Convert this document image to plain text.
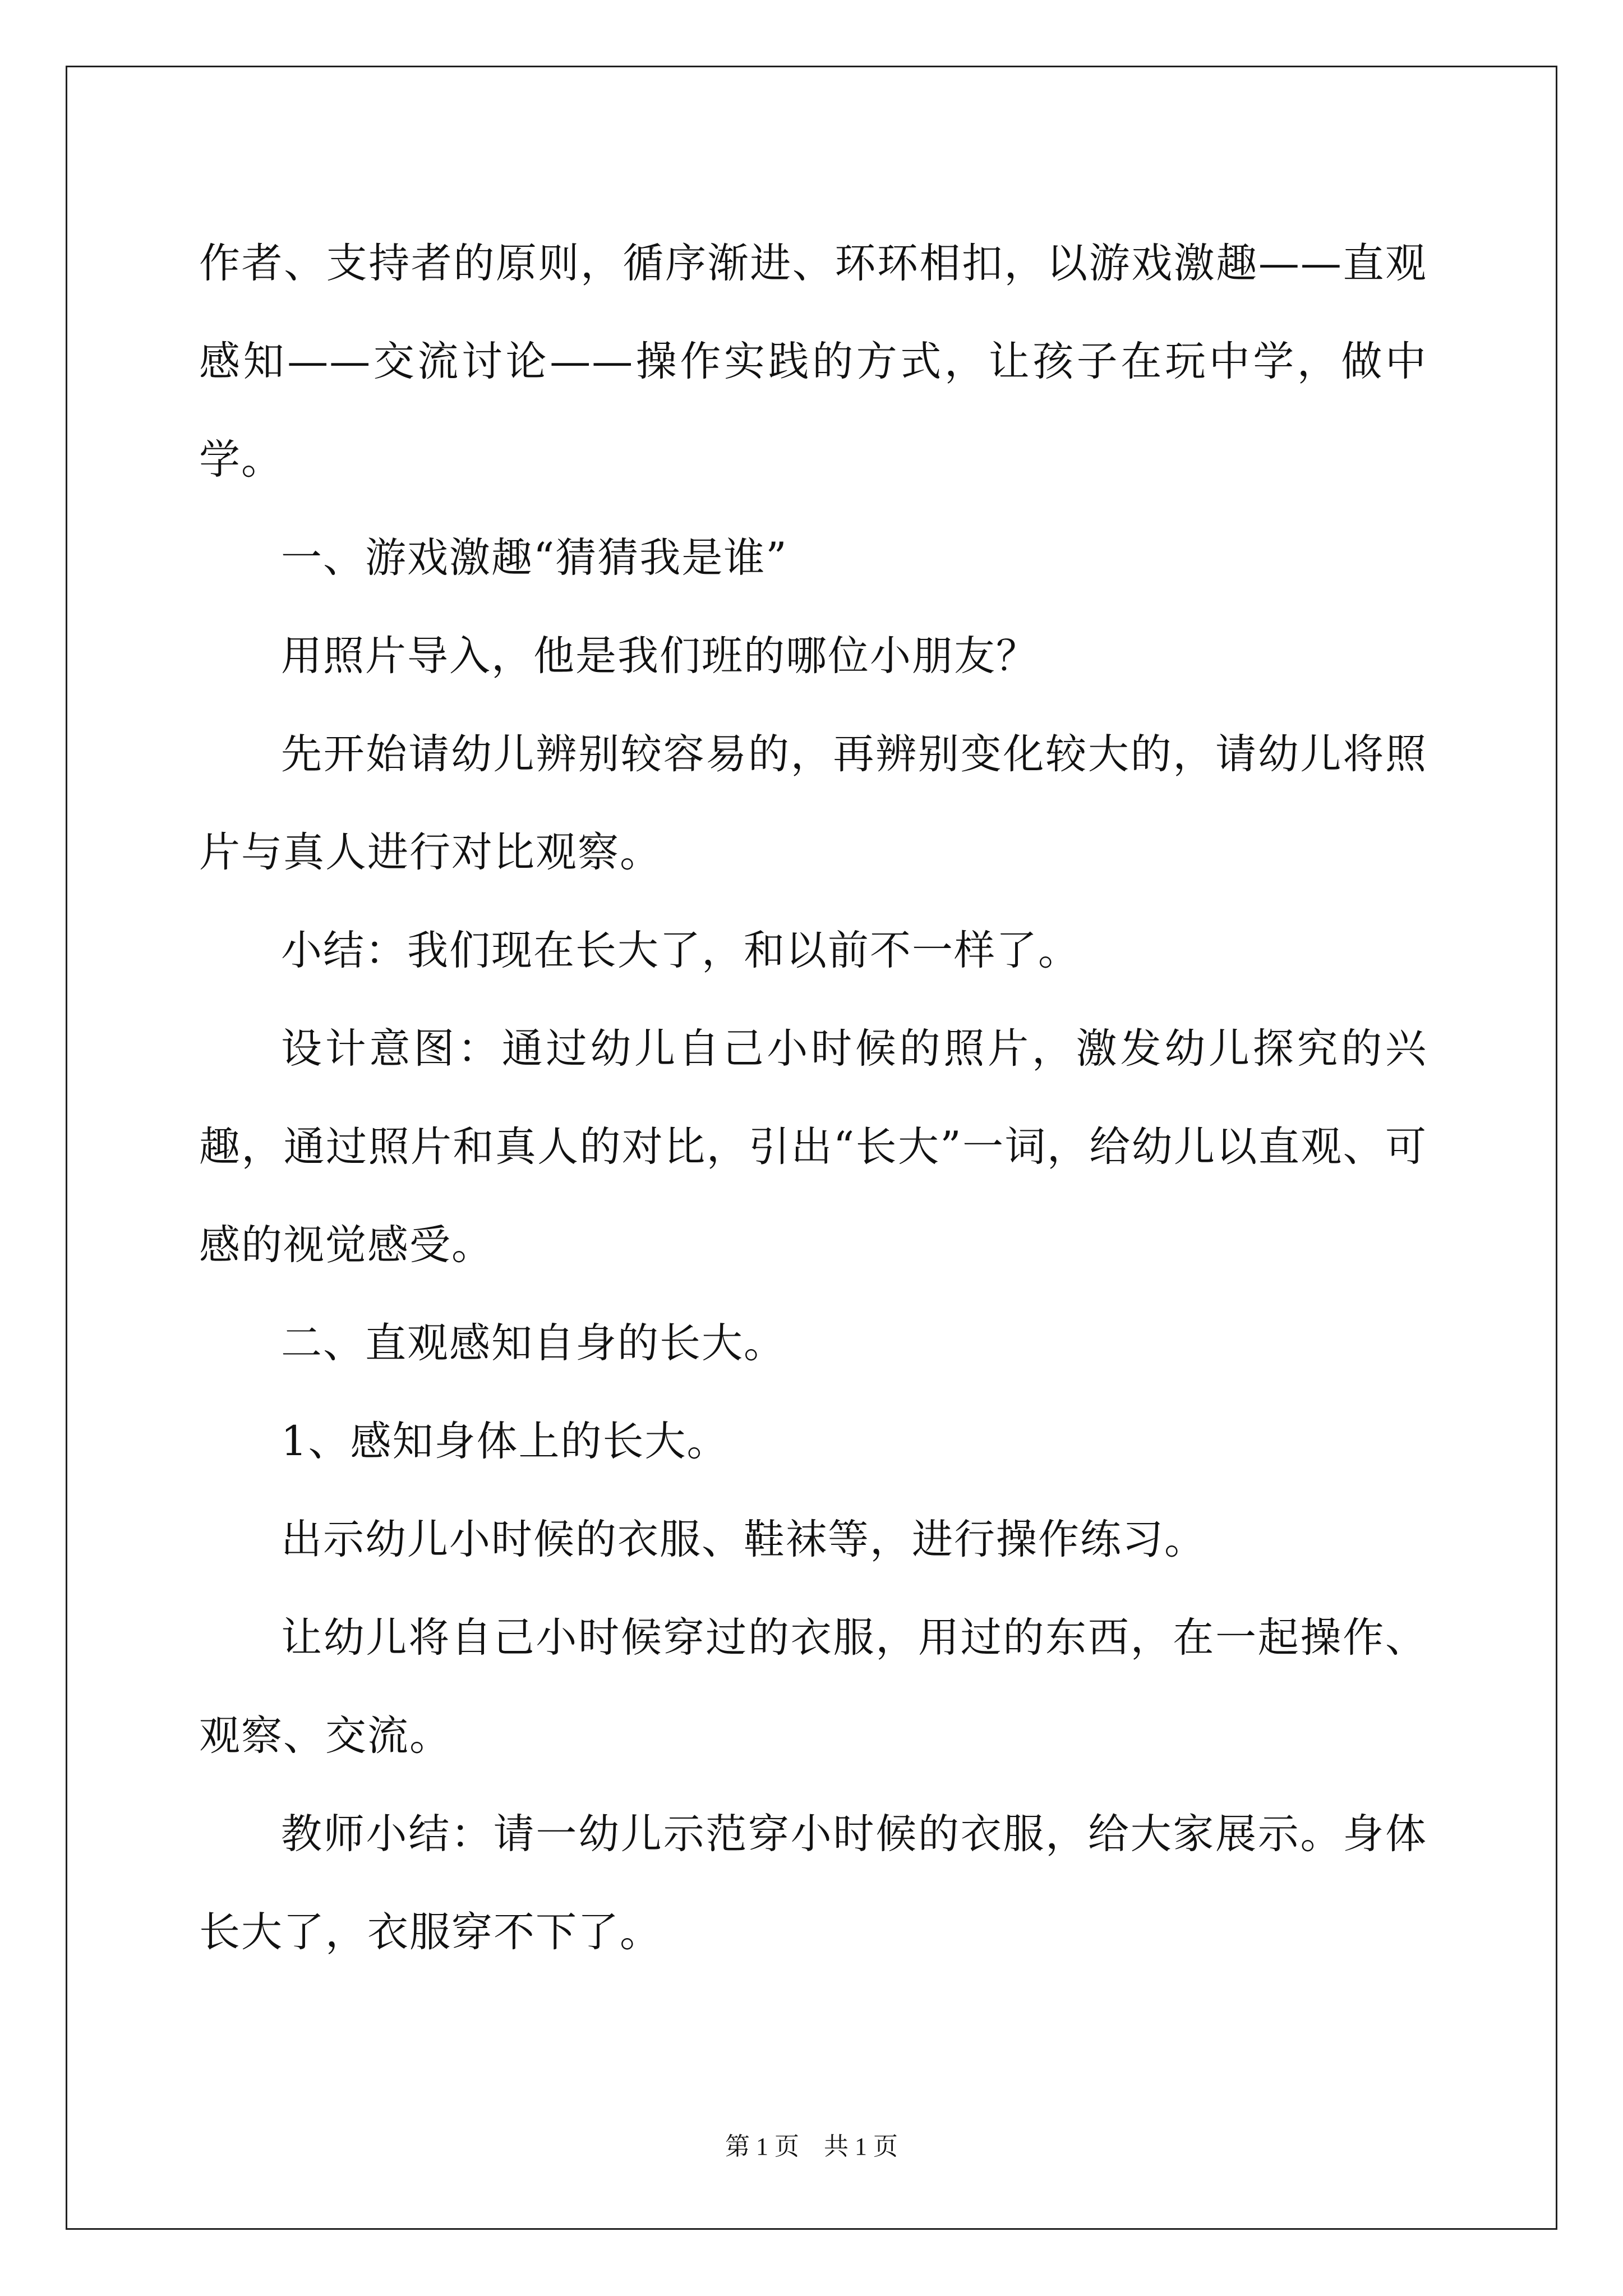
作者、支持者的原则，循序渐进、环环相扣，以游戏激趣——直观感知——交流讨论——操作实践的方式，让孩子在玩中学，做中学。

一、游戏激趣“猜猜我是谁”

用照片导入，他是我们班的哪位小朋友？

先开始请幼儿辨别较容易的，再辨别变化较大的，请幼儿将照片与真人进行对比观察。

小结：我们现在长大了，和以前不一样了。

设计意图：通过幼儿自己小时候的照片，激发幼儿探究的兴趣，通过照片和真人的对比，引出“长大”一词，给幼儿以直观、可感的视觉感受。

二、直观感知自身的长大。

1、感知身体上的长大。

出示幼儿小时候的衣服、鞋袜等，进行操作练习。

让幼儿将自己小时候穿过的衣服，用过的东西，在一起操作、观察、交流。

教师小结：请一幼儿示范穿小时候的衣服，给大家展示。身体长大了，衣服穿不下了。

第 1 页　共 1 页
